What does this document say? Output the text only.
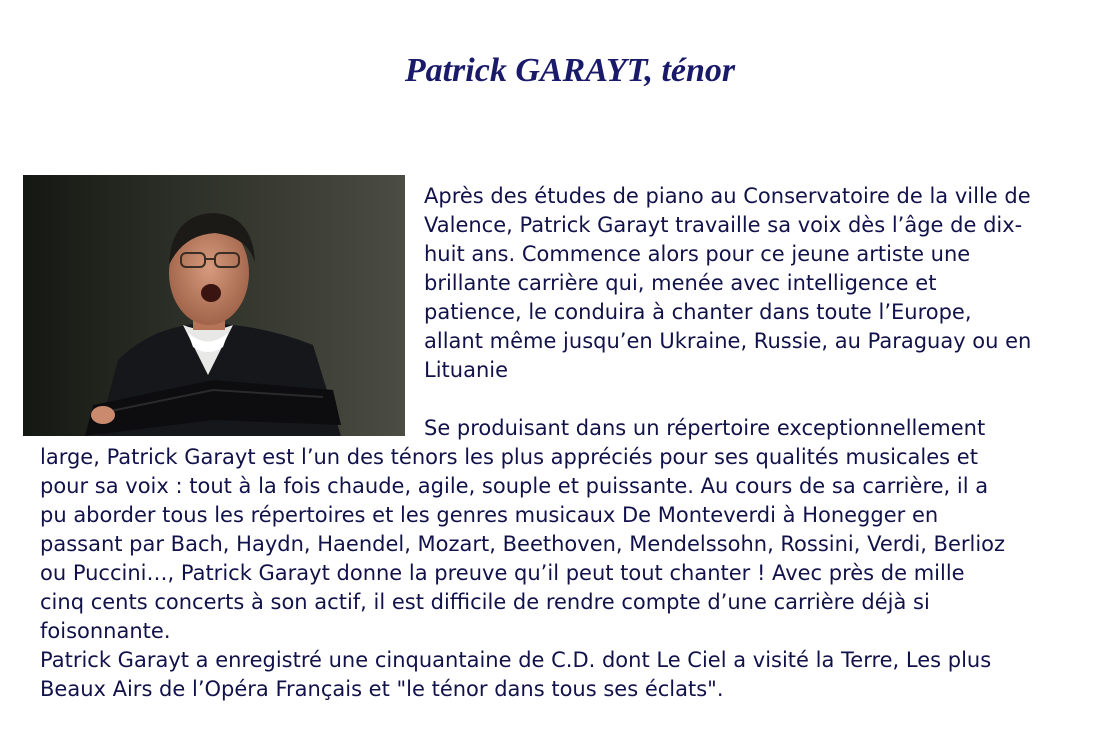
Patrick GARAYT, ténor
Après des études de piano au Conservatoire de la ville de
Valence, Patrick Garayt travaille sa voix dès l’âge de dix-
huit ans. Commence alors pour ce jeune artiste une
brillante carrière qui, menée avec intelligence et
patience, le conduira à chanter dans toute l’Europe,
allant même jusqu’en Ukraine, Russie, au Paraguay ou en
Lituanie
Se produisant dans un répertoire exceptionnellement
large, Patrick Garayt est l’un des ténors les plus appréciés pour ses qualités musicales et
pour sa voix : tout à la fois chaude, agile, souple et puissante. Au cours de sa carrière, il a
pu aborder tous les répertoires et les genres musicaux De Monteverdi à Honegger en
passant par Bach, Haydn, Haendel, Mozart, Beethoven, Mendelssohn, Rossini, Verdi, Berlioz
ou Puccini…, Patrick Garayt donne la preuve qu’il peut tout chanter ! Avec près de mille
cinq cents concerts à son actif, il est difficile de rendre compte d’une carrière déjà si
foisonnante.
Patrick Garayt a enregistré une cinquantaine de C.D. dont Le Ciel a visité la Terre, Les plus
Beaux Airs de l’Opéra Français et "le ténor dans tous ses éclats".
